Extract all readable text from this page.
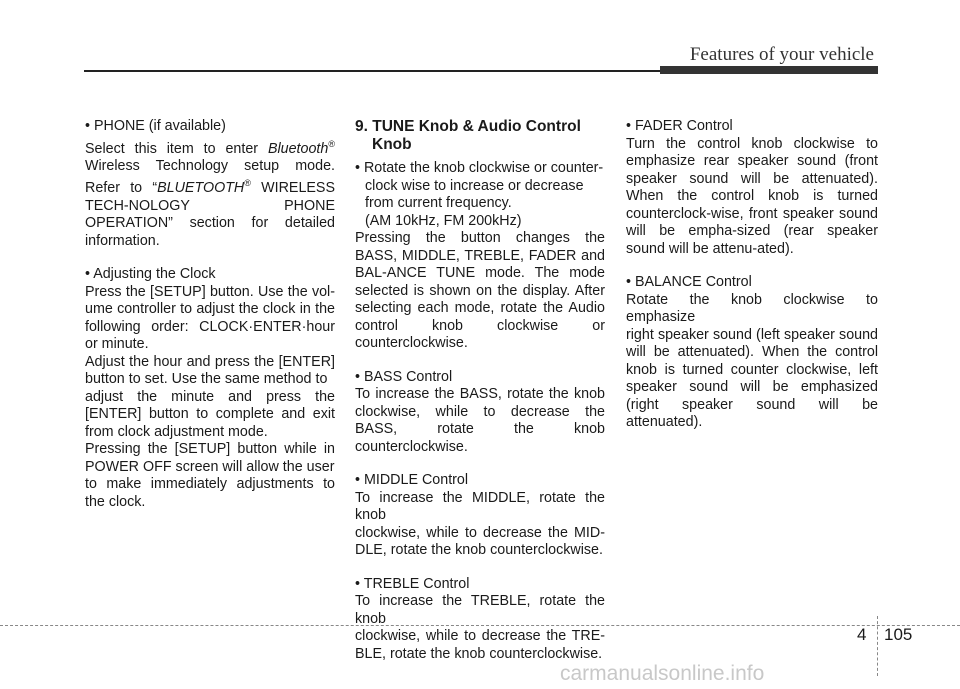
Features of your vehicle

• PHONE (if available)

Select this item to enter Bluetooth® Wireless Technology setup mode. Refer to “BLUETOOTH® WIRELESS TECH-NOLOGY PHONE OPERATION” section for detailed information.

• Adjusting the Clock

Press the [SETUP] button. Use the vol-ume controller to adjust the clock in the following order: CLOCK·ENTER·hour or minute.

Adjust the hour and press the [ENTER] button to set. Use the same method to

adjust the minute and press the [ENTER] button to complete and exit from clock adjustment mode.

Pressing the [SETUP] button while in POWER OFF screen will allow the user

to make immediately adjustments to the clock.

9. TUNE Knob & Audio Control
Knob

• Rotate the knob clockwise or counter-clock wise to increase or decrease from current frequency.

(AM 10kHz, FM 200kHz)

Pressing the button changes the BASS, MIDDLE, TREBLE, FADER and BAL-ANCE TUNE mode. The mode selected is shown on the display. After selecting each mode, rotate the Audio control knob clockwise or counterclockwise.

• BASS Control

To increase the BASS, rotate the knob clockwise, while to decrease the BASS, rotate the knob counterclockwise.

• MIDDLE Control

To increase the MIDDLE, rotate the knob

clockwise, while to decrease the MID-DLE, rotate the knob counterclockwise.

• TREBLE Control

To increase the TREBLE, rotate the knob

clockwise, while to decrease the TRE-BLE, rotate the knob counterclockwise.

• FADER Control

Turn the control knob clockwise to emphasize rear speaker sound (front speaker sound will be attenuated). When the control knob is turned counterclock-wise, front speaker sound will be empha-sized (rear speaker sound will be attenu-ated).

• BALANCE Control

Rotate the knob clockwise to emphasize

right speaker sound (left speaker sound will be attenuated). When the control knob is turned counter clockwise, left speaker sound will be emphasized (right speaker sound will be attenuated).

4 105
carmanualsonline.info
